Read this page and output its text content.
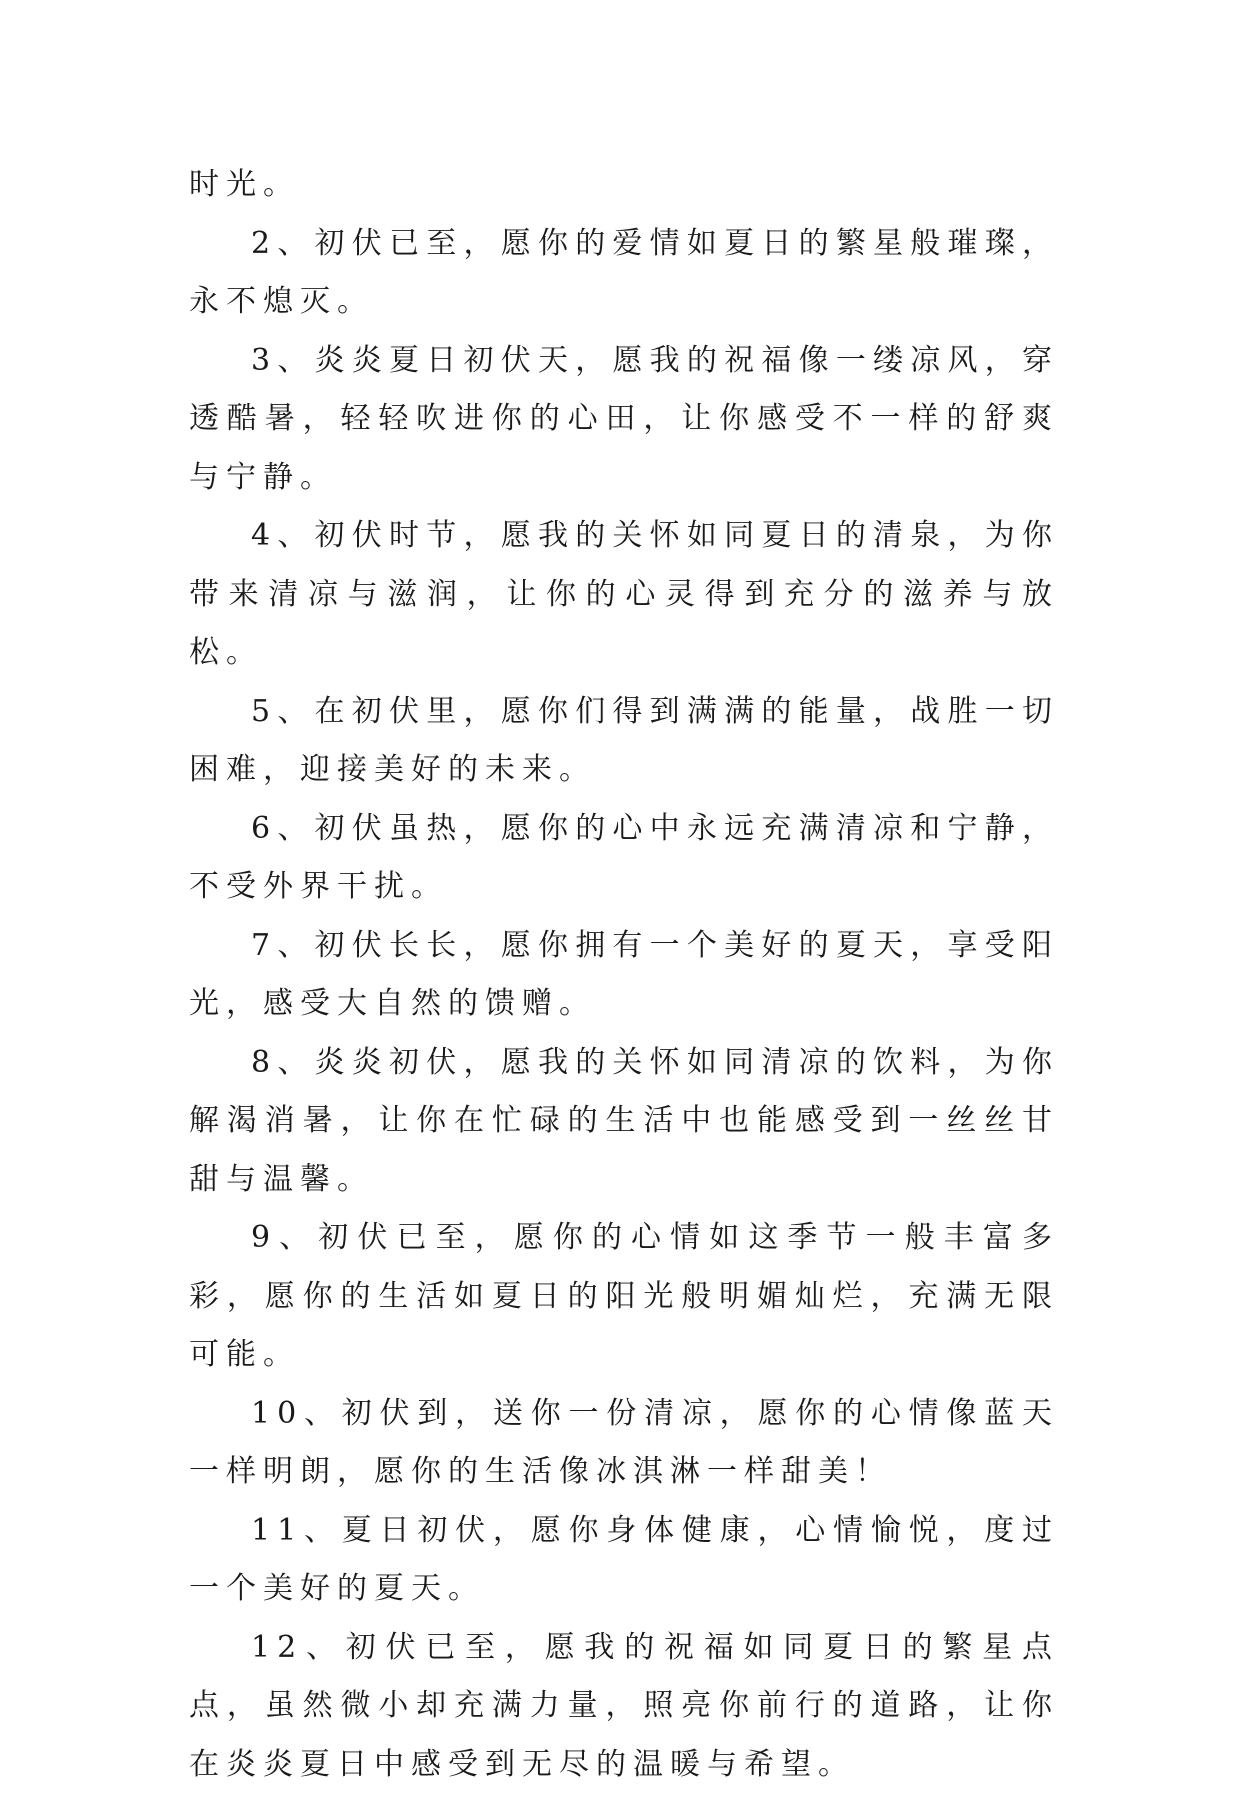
时光。

2、初伏已至，愿你的爱情如夏日的繁星般璀璨，永不熄灭。

3、炎炎夏日初伏天，愿我的祝福像一缕凉风，穿透酷暑，轻轻吹进你的心田，让你感受不一样的舒爽与宁静。

4、初伏时节，愿我的关怀如同夏日的清泉，为你带来清凉与滋润，让你的心灵得到充分的滋养与放松。

5、在初伏里，愿你们得到满满的能量，战胜一切困难，迎接美好的未来。

6、初伏虽热，愿你的心中永远充满清凉和宁静，不受外界干扰。

7、初伏长长，愿你拥有一个美好的夏天，享受阳光，感受大自然的馈赠。

8、炎炎初伏，愿我的关怀如同清凉的饮料，为你解渴消暑，让你在忙碌的生活中也能感受到一丝丝甘甜与温馨。

9、初伏已至，愿你的心情如这季节一般丰富多彩，愿你的生活如夏日的阳光般明媚灿烂，充满无限可能。

10、初伏到，送你一份清凉，愿你的心情像蓝天一样明朗，愿你的生活像冰淇淋一样甜美！

11、夏日初伏，愿你身体健康，心情愉悦，度过一个美好的夏天。

12、初伏已至，愿我的祝福如同夏日的繁星点点，虽然微小却充满力量，照亮你前行的道路，让你在炎炎夏日中感受到无尽的温暖与希望。
